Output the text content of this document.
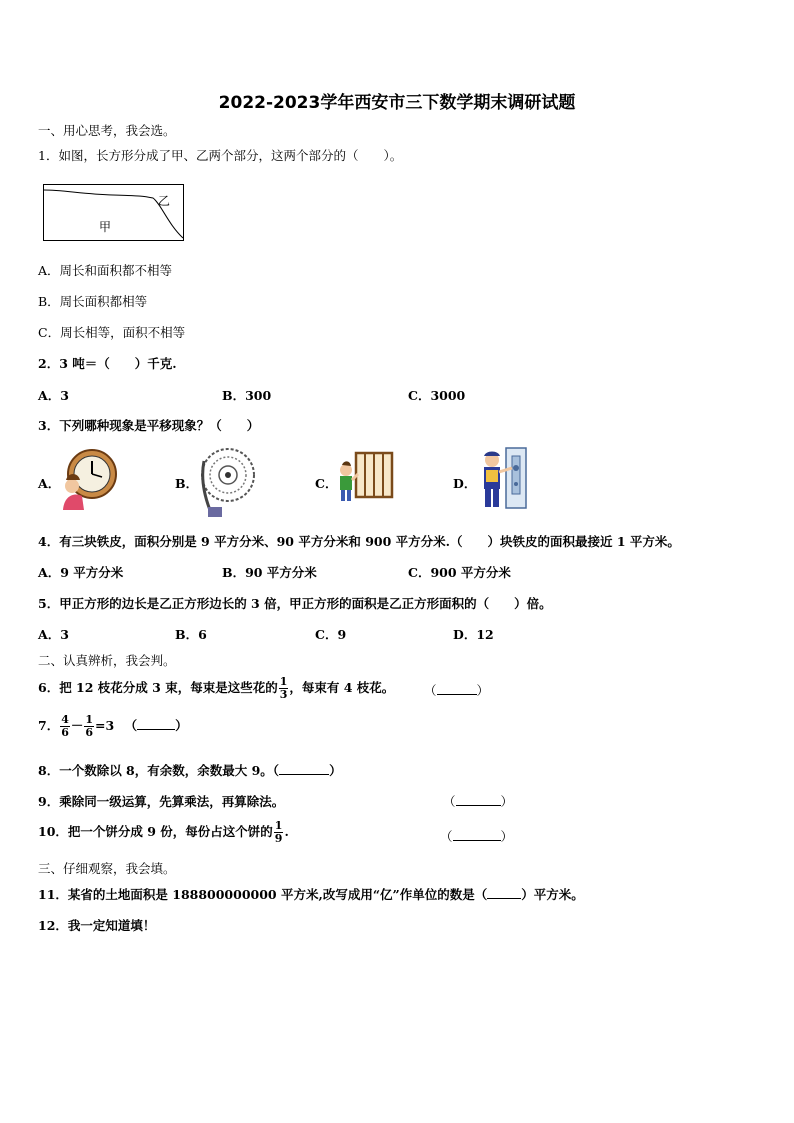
2022-2023学年西安市三下数学期末调研试题
一、用心思考，我会选。
1．如图，长方形分成了甲、乙两个部分，这两个部分的（　　）。
甲
乙
A．周长和面积都不相等
B．周长面积都相等
C．周长相等，面积不相等
2．3 吨＝（　　）千克.
A．3	B．300	C．3000
3．下列哪种现象是平移现象？（　　）
A．	B．	C．	D．
4．有三块铁皮，面积分别是 9 平方分米、90 平方分米和 900 平方分米.（　　）块铁皮的面积最接近 1 平方米。
A．9 平方分米	B．90 平方分米	C．900 平方分米
5．甲正方形的边长是乙正方形边长的 3 倍，甲正方形的面积是乙正方形面积的（　　）倍。
A．3	B．6	C．9	D．12
二、认真辨析，我会判。
6．把 12 枝花分成 3 束，每束是这些花的 $\frac{1}{3}$ ，每束有 4 枝花。 （	）
7． $\frac{4}{6} - \frac{1}{6} =3$ （	）
8．一个数除以 8，有余数，余数最大 9。（	）
9．乘除同一级运算，先算乘法，再算除法。	（	）
10．把一个饼分成 9 份，每份占这个饼的 $\frac{1}{9}$ .	（	）
三、仔细观察，我会填。
11．某省的土地面积是 188800000000 平方米,改写成用“亿”作单位的数是（	）平方米。
12．我一定知道填！
